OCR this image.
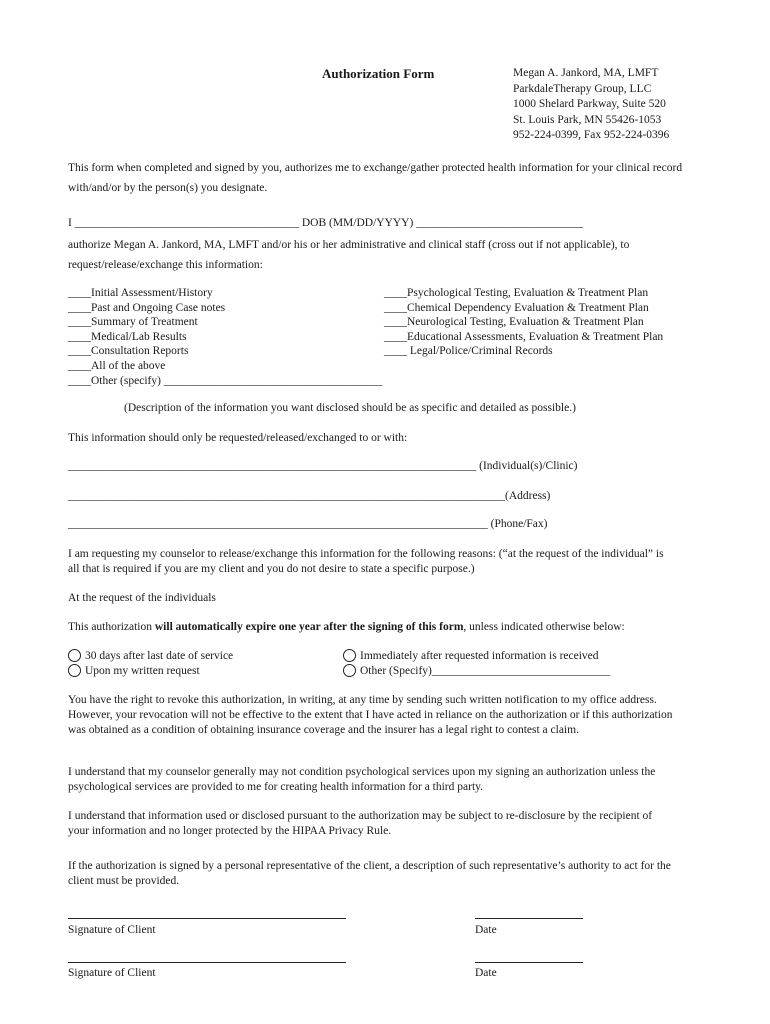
Authorization Form	Megan A. Jankord, MA, LMFT
ParkdaleTherapy Group, LLC
1000 Shelard Parkway, Suite 520
St. Louis Park, MN 55426-1053
952-224-0399, Fax 952-224-0396
This form when completed and signed by you, authorizes me to exchange/gather protected health information for your clinical record with/and/or by the person(s) you designate.
I _______________________________________ DOB (MM/DD/YYYY) _____________________________
authorize Megan A. Jankord, MA, LMFT and/or his or her administrative and clinical staff (cross out if not applicable), to request/release/exchange this information:
____Initial Assessment/History
____Past and Ongoing Case notes
____Summary of Treatment
____Medical/Lab Results
____Consultation Reports
____All of the above
____Other (specify) ______________________________________
____Psychological Testing, Evaluation & Treatment Plan
____Chemical Dependency Evaluation & Treatment Plan
____Neurological Testing, Evaluation & Treatment Plan
____Educational Assessments, Evaluation & Treatment Plan
____ Legal/Police/Criminal Records
(Description of the information you want disclosed should be as specific and detailed as possible.)
This information should only be requested/released/exchanged to or with:
_______________________________________________________________________ (Individual(s)/Clinic)
____________________________________________________________________________(Address)
_________________________________________________________________________ (Phone/Fax)
I am requesting my counselor to release/exchange this information for the following reasons: (“at the request of the individual” is all that is required if you are my client and you do not desire to state a specific purpose.)
At the request of the individuals
This authorization will automatically expire one year after the signing of this form, unless indicated otherwise below:
30 days after last date of service
Upon my written request
Immediately after requested information is received
Other (Specify)_______________________________
You have the right to revoke this authorization, in writing, at any time by sending such written notification to my office address. However, your revocation will not be effective to the extent that I have acted in reliance on the authorization or if this authorization was obtained as a condition of obtaining insurance coverage and the insurer has a legal right to contest a claim.
I understand that my counselor generally may not condition psychological services upon my signing an authorization unless the psychological services are provided to me for creating health information for a third party.
I understand that information used or disclosed pursuant to the authorization may be subject to re-disclosure by the recipient of your information and no longer protected by the HIPAA Privacy Rule.
If the authorization is signed by a personal representative of the client, a description of such representative’s authority to act for the client must be provided.
Signature of Client	Date
Signature of Client	Date
